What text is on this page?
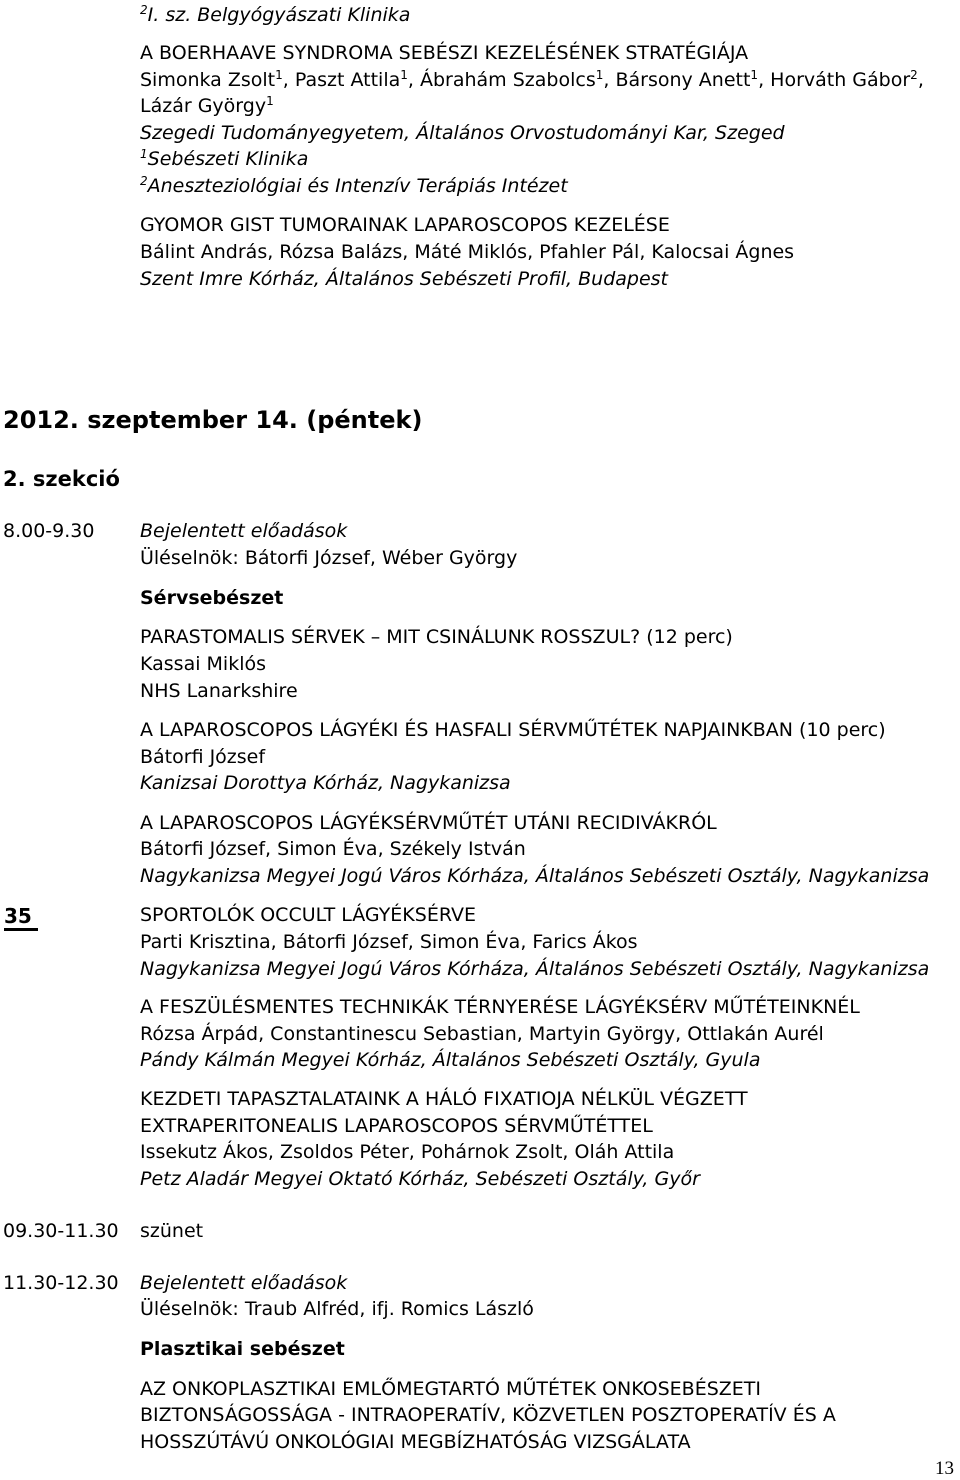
$^2$I. sz. Belgyógyászati Klinika
A BOERHAAVE SYNDROMA SEBÉSZI KEZELÉSÉNEK STRATÉGIÁJA
Simonka Zsolt$^1$, Paszt Attila$^1$, Ábrahám Szabolcs$^1$, Bársony Anett$^1$, Horváth Gábor$^2$,
Lázár György$^1$
Szegedi Tudományegyetem, Általános Orvostudományi Kar, Szeged
$^1$Sebészeti Klinika
$^2$Aneszteziológiai és Intenzív Terápiás Intézet
GYOMOR GIST TUMORAINAK LAPAROSCOPOS KEZELÉSE
Bálint András, Rózsa Balázs, Máté Miklós, Pfahler Pál, Kalocsai Ágnes
Szent Imre Kórház, Általános Sebészeti Profil, Budapest
2012. szeptember 14. (péntek)
2. szekció
8.00-9.30 Bejelentett előadások
Üléselnök: Bátorfi József, Wéber György
Sérvsebészet
PARASTOMALIS SÉRVEK – MIT CSINÁLUNK ROSSZUL? (12 perc)
Kassai Miklós
NHS Lanarkshire
A LAPAROSCOPOS LÁGYÉKI ÉS HASFALI SÉRVMŰTÉTEK NAPJAINKBAN (10 perc)
Bátorfi József
Kanizsai Dorottya Kórház, Nagykanizsa
A LAPAROSCOPOS LÁGYÉKSÉRVMŰTÉT UTÁNI RECIDIVÁKRÓL
Bátorfi József, Simon Éva, Székely István
Nagykanizsa Megyei Jogú Város Kórháza, Általános Sebészeti Osztály, Nagykanizsa
35	SPORTOLÓK OCCULT LÁGYÉKSÉRVE
Parti Krisztina, Bátorfi József, Simon Éva, Farics Ákos
Nagykanizsa Megyei Jogú Város Kórháza, Általános Sebészeti Osztály, Nagykanizsa
A FESZÜLÉSMENTES TECHNIKÁK TÉRNYERÉSE LÁGYÉKSÉRV MŰTÉTEINKNÉL
Rózsa Árpád, Constantinescu Sebastian, Martyin György, Ottlakán Aurél
Pándy Kálmán Megyei Kórház, Általános Sebészeti Osztály, Gyula
KEZDETI TAPASZTALATAINK A HÁLÓ FIXATIOJA NÉLKÜL VÉGZETT
EXTRAPERITONEALIS LAPAROSCOPOS SÉRVMŰTÉTTEL
Issekutz Ákos, Zsoldos Péter, Pohárnok Zsolt, Oláh Attila
Petz Aladár Megyei Oktató Kórház, Sebészeti Osztály, Győr
09.30-11.30 szünet
11.30-12.30 Bejelentett előadások
Üléselnök: Traub Alfréd, ifj. Romics László
Plasztikai sebészet
AZ ONKOPLASZTIKAI EMLŐMEGTARTÓ MŰTÉTEK ONKOSEBÉSZETI
BIZTONSÁGOSSÁGA - INTRAOPERATÍV, KÖZVETLEN POSZTOPERATÍV ÉS A
HOSSZÚTÁVÚ ONKOLÓGIAI MEGBÍZHATÓSÁG VIZSGÁLATA
13
